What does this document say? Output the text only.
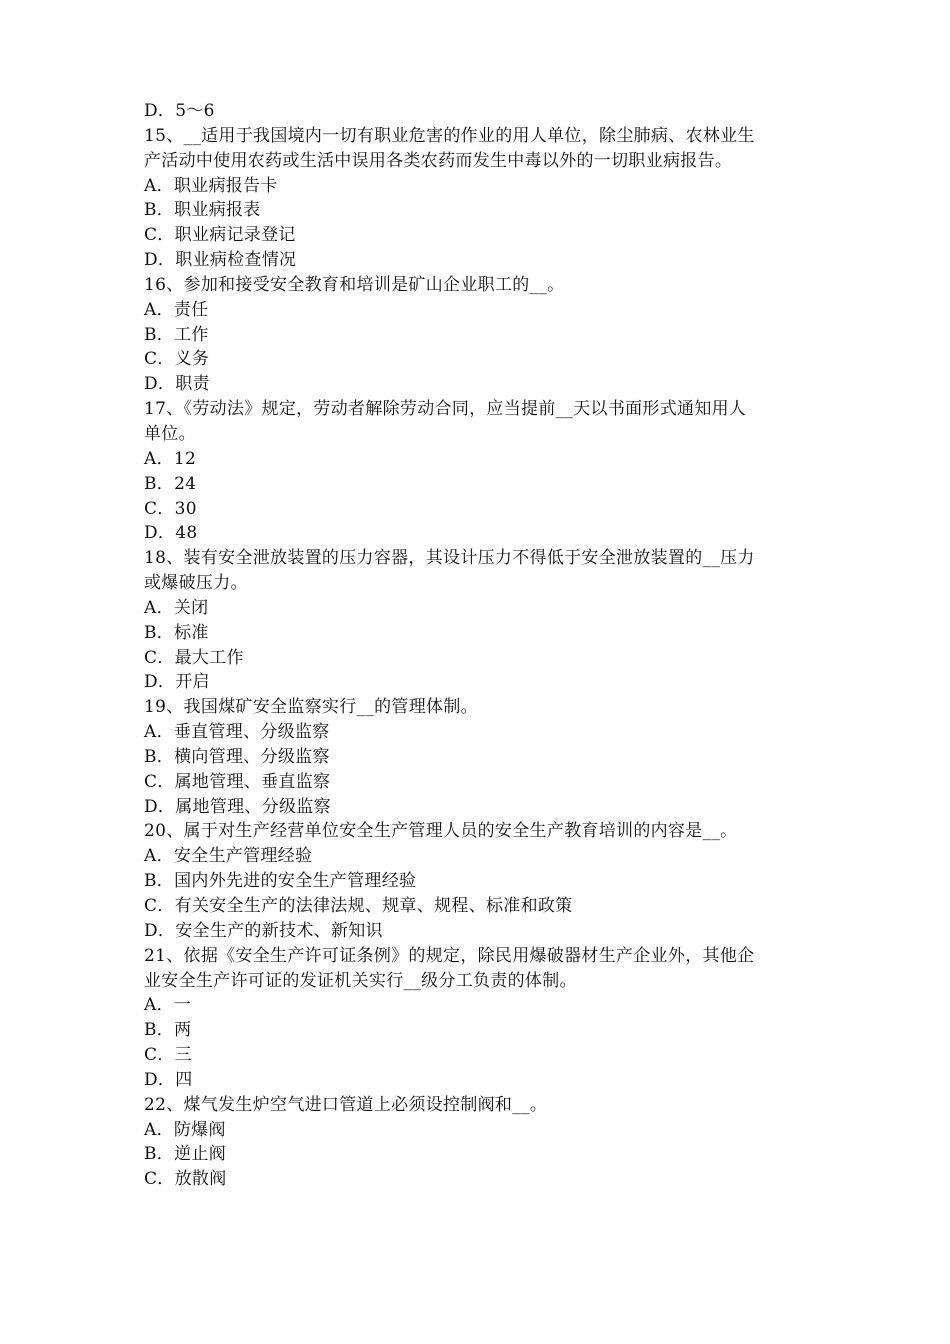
D．5～6
15、__适用于我国境内一切有职业危害的作业的用人单位，除尘肺病、农林业生
产活动中使用农药或生活中误用各类农药而发生中毒以外的一切职业病报告。
A．职业病报告卡
B．职业病报表
C．职业病记录登记
D．职业病检查情况
16、参加和接受安全教育和培训是矿山企业职工的__。
A．责任
B．工作
C．义务
D．职责
17、《劳动法》规定，劳动者解除劳动合同，应当提前__天以书面形式通知用人
单位。
A．12
B．24
C．30
D．48
18、装有安全泄放装置的压力容器，其设计压力不得低于安全泄放装置的__压力
或爆破压力。
A．关闭
B．标准
C．最大工作
D．开启
19、我国煤矿安全监察实行__的管理体制。
A．垂直管理、分级监察
B．横向管理、分级监察
C．属地管理、垂直监察
D．属地管理、分级监察
20、属于对生产经营单位安全生产管理人员的安全生产教育培训的内容是__。
A．安全生产管理经验
B．国内外先进的安全生产管理经验
C．有关安全生产的法律法规、规章、规程、标准和政策
D．安全生产的新技术、新知识
21、依据《安全生产许可证条例》的规定，除民用爆破器材生产企业外，其他企
业安全生产许可证的发证机关实行__级分工负责的体制。
A．一
B．两
C．三
D．四
22、煤气发生炉空气进口管道上必须设控制阀和__。
A．防爆阀
B．逆止阀
C．放散阀
